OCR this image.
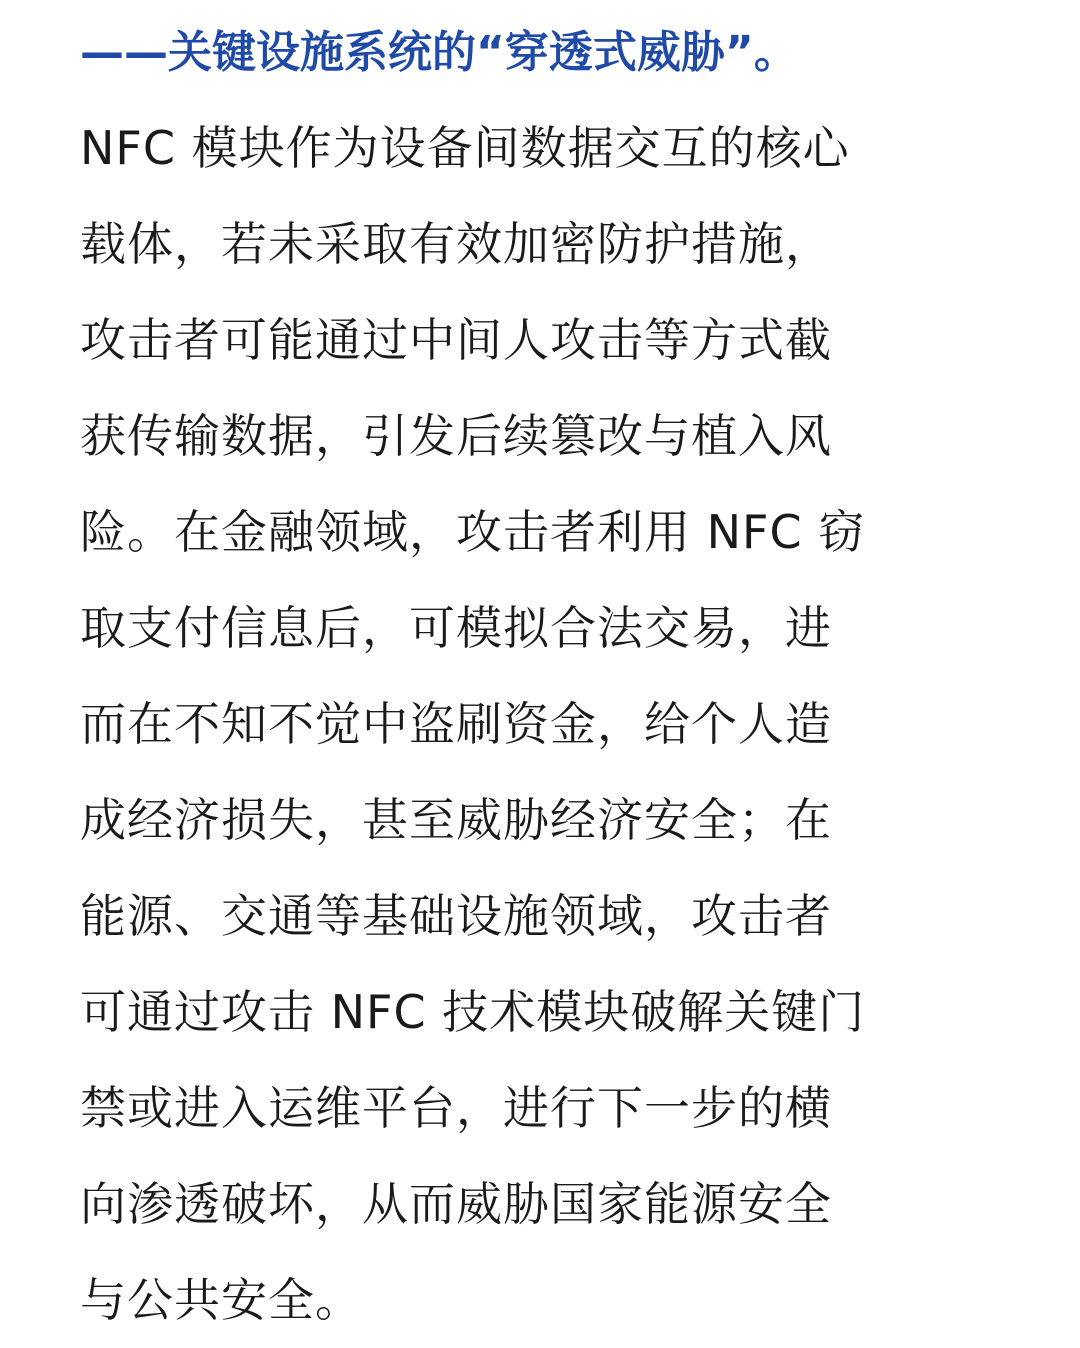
——关键设施系统的“穿透式威胁”。
NFC 模块作为设备间数据交互的核心
载体，若未采取有效加密防护措施，
攻击者可能通过中间人攻击等方式截
获传输数据，引发后续篡改与植入风
险。在金融领域，攻击者利用 NFC 窃
取支付信息后，可模拟合法交易，进
而在不知不觉中盗刷资金，给个人造
成经济损失，甚至威胁经济安全；在
能源、交通等基础设施领域，攻击者
可通过攻击 NFC 技术模块破解关键门
禁或进入运维平台，进行下一步的横
向渗透破坏，从而威胁国家能源安全
与公共安全。
